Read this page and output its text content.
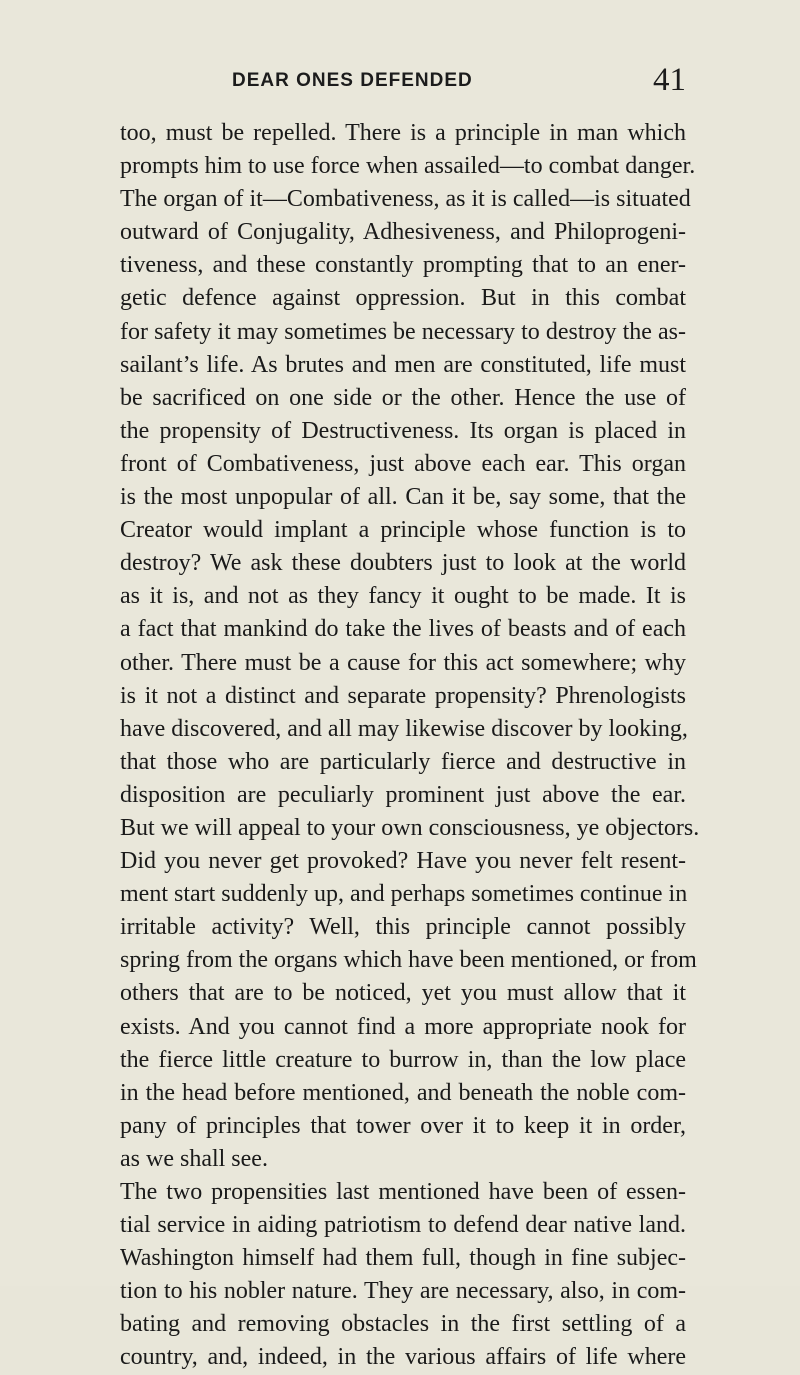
DEAR ONES DEFENDED	41
too, must be repelled. There is a principle in man which
prompts him to use force when assailed—to combat danger.
The organ of it—Combativeness, as it is called—is situated
outward of Conjugality, Adhesiveness, and Philoprogeni-
tiveness, and these constantly prompting that to an ener-
getic defence against oppression. But in this combat
for safety it may sometimes be necessary to destroy the as-
sailant’s life. As brutes and men are constituted, life must
be sacrificed on one side or the other. Hence the use of
the propensity of Destructiveness. Its organ is placed in
front of Combativeness, just above each ear. This organ
is the most unpopular of all. Can it be, say some, that the
Creator would implant a principle whose function is to
destroy? We ask these doubters just to look at the world
as it is, and not as they fancy it ought to be made. It is
a fact that mankind do take the lives of beasts and of each
other. There must be a cause for this act somewhere; why
is it not a distinct and separate propensity? Phrenologists
have discovered, and all may likewise discover by looking,
that those who are particularly fierce and destructive in
disposition are peculiarly prominent just above the ear.
But we will appeal to your own consciousness, ye objectors.
Did you never get provoked? Have you never felt resent-
ment start suddenly up, and perhaps sometimes continue in
irritable activity? Well, this principle cannot possibly
spring from the organs which have been mentioned, or from
others that are to be noticed, yet you must allow that it
exists. And you cannot find a more appropriate nook for
the fierce little creature to burrow in, than the low place
in the head before mentioned, and beneath the noble com-
pany of principles that tower over it to keep it in order,
as we shall see.
The two propensities last mentioned have been of essen-
tial service in aiding patriotism to defend dear native land.
Washington himself had them full, though in fine subjec-
tion to his nobler nature. They are necessary, also, in com-
bating and removing obstacles in the first settling of a
country, and, indeed, in the various affairs of life where
